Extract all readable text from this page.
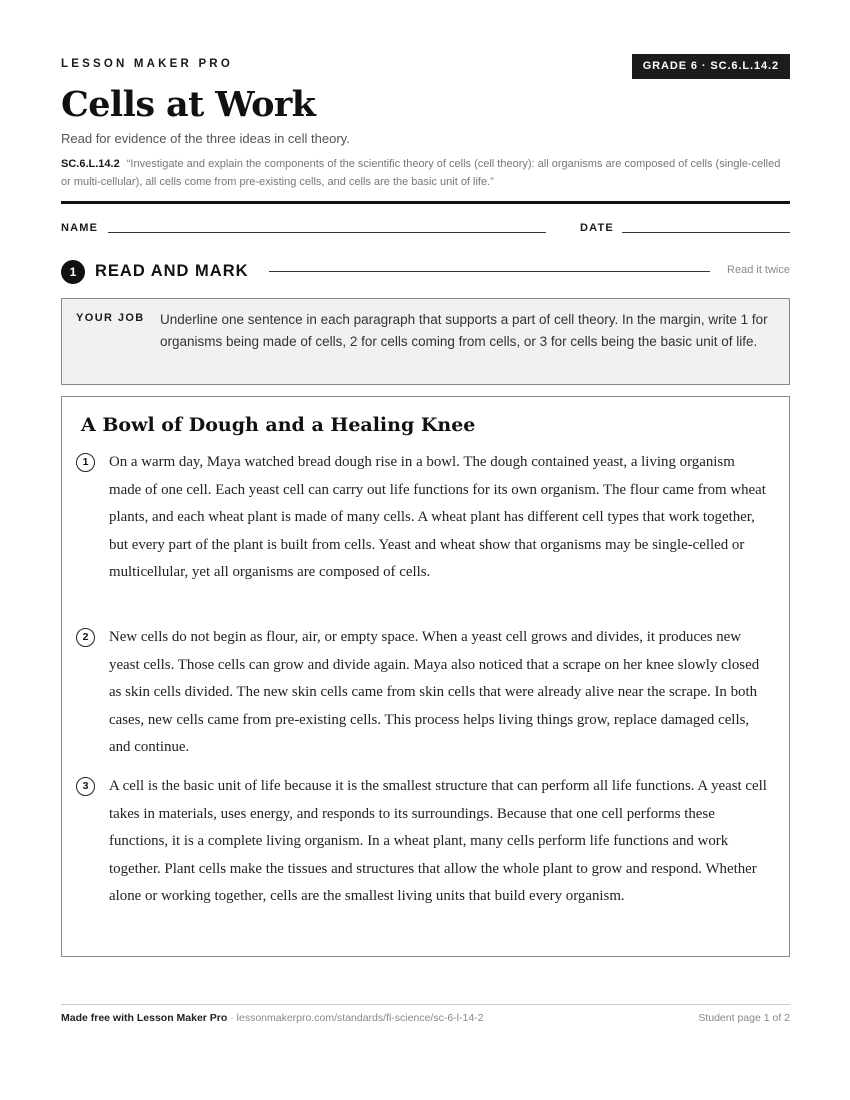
LESSON MAKER PRO	GRADE 6 · SC.6.L.14.2
Cells at Work
Read for evidence of the three ideas in cell theory.
SC.6.L.14.2 “Investigate and explain the components of the scientific theory of cells (cell theory): all organisms are composed of cells (single-celled or multi-cellular), all cells come from pre-existing cells, and cells are the basic unit of life.”
NAME	DATE
1	READ AND MARK	Read it twice
YOUR JOB Underline one sentence in each paragraph that supports a part of cell theory. In the margin, write 1 for organisms being made of cells, 2 for cells coming from cells, or 3 for cells being the basic unit of life.
A Bowl of Dough and a Healing Knee
1	On a warm day, Maya watched bread dough rise in a bowl. The dough contained yeast, a living organism made of one cell. Each yeast cell can carry out life functions for its own organism. The flour came from wheat plants, and each wheat plant is made of many cells. A wheat plant has different cell types that work together, but every part of the plant is built from cells. Yeast and wheat show that organisms may be single-celled or multicellular, yet all organisms are composed of cells.

2	New cells do not begin as flour, air, or empty space. When a yeast cell grows and divides, it produces new yeast cells. Those cells can grow and divide again. Maya also noticed that a scrape on her knee slowly closed as skin cells divided. The new skin cells came from skin cells that were already alive near the scrape. In both cases, new cells came from pre-existing cells. This process helps living things grow, replace damaged cells, and continue.

3	A cell is the basic unit of life because it is the smallest structure that can perform all life functions. A yeast cell takes in materials, uses energy, and responds to its surroundings. Because that one cell performs these functions, it is a complete living organism. In a wheat plant, many cells perform life functions and work together. Plant cells make the tissues and structures that allow the whole plant to grow and respond. Whether alone or working together, cells are the smallest living units that build every organism.

Made free with Lesson Maker Pro · lessonmakerpro.com/standards/fl-science/sc-6-l-14-2	Student page 1 of 2
